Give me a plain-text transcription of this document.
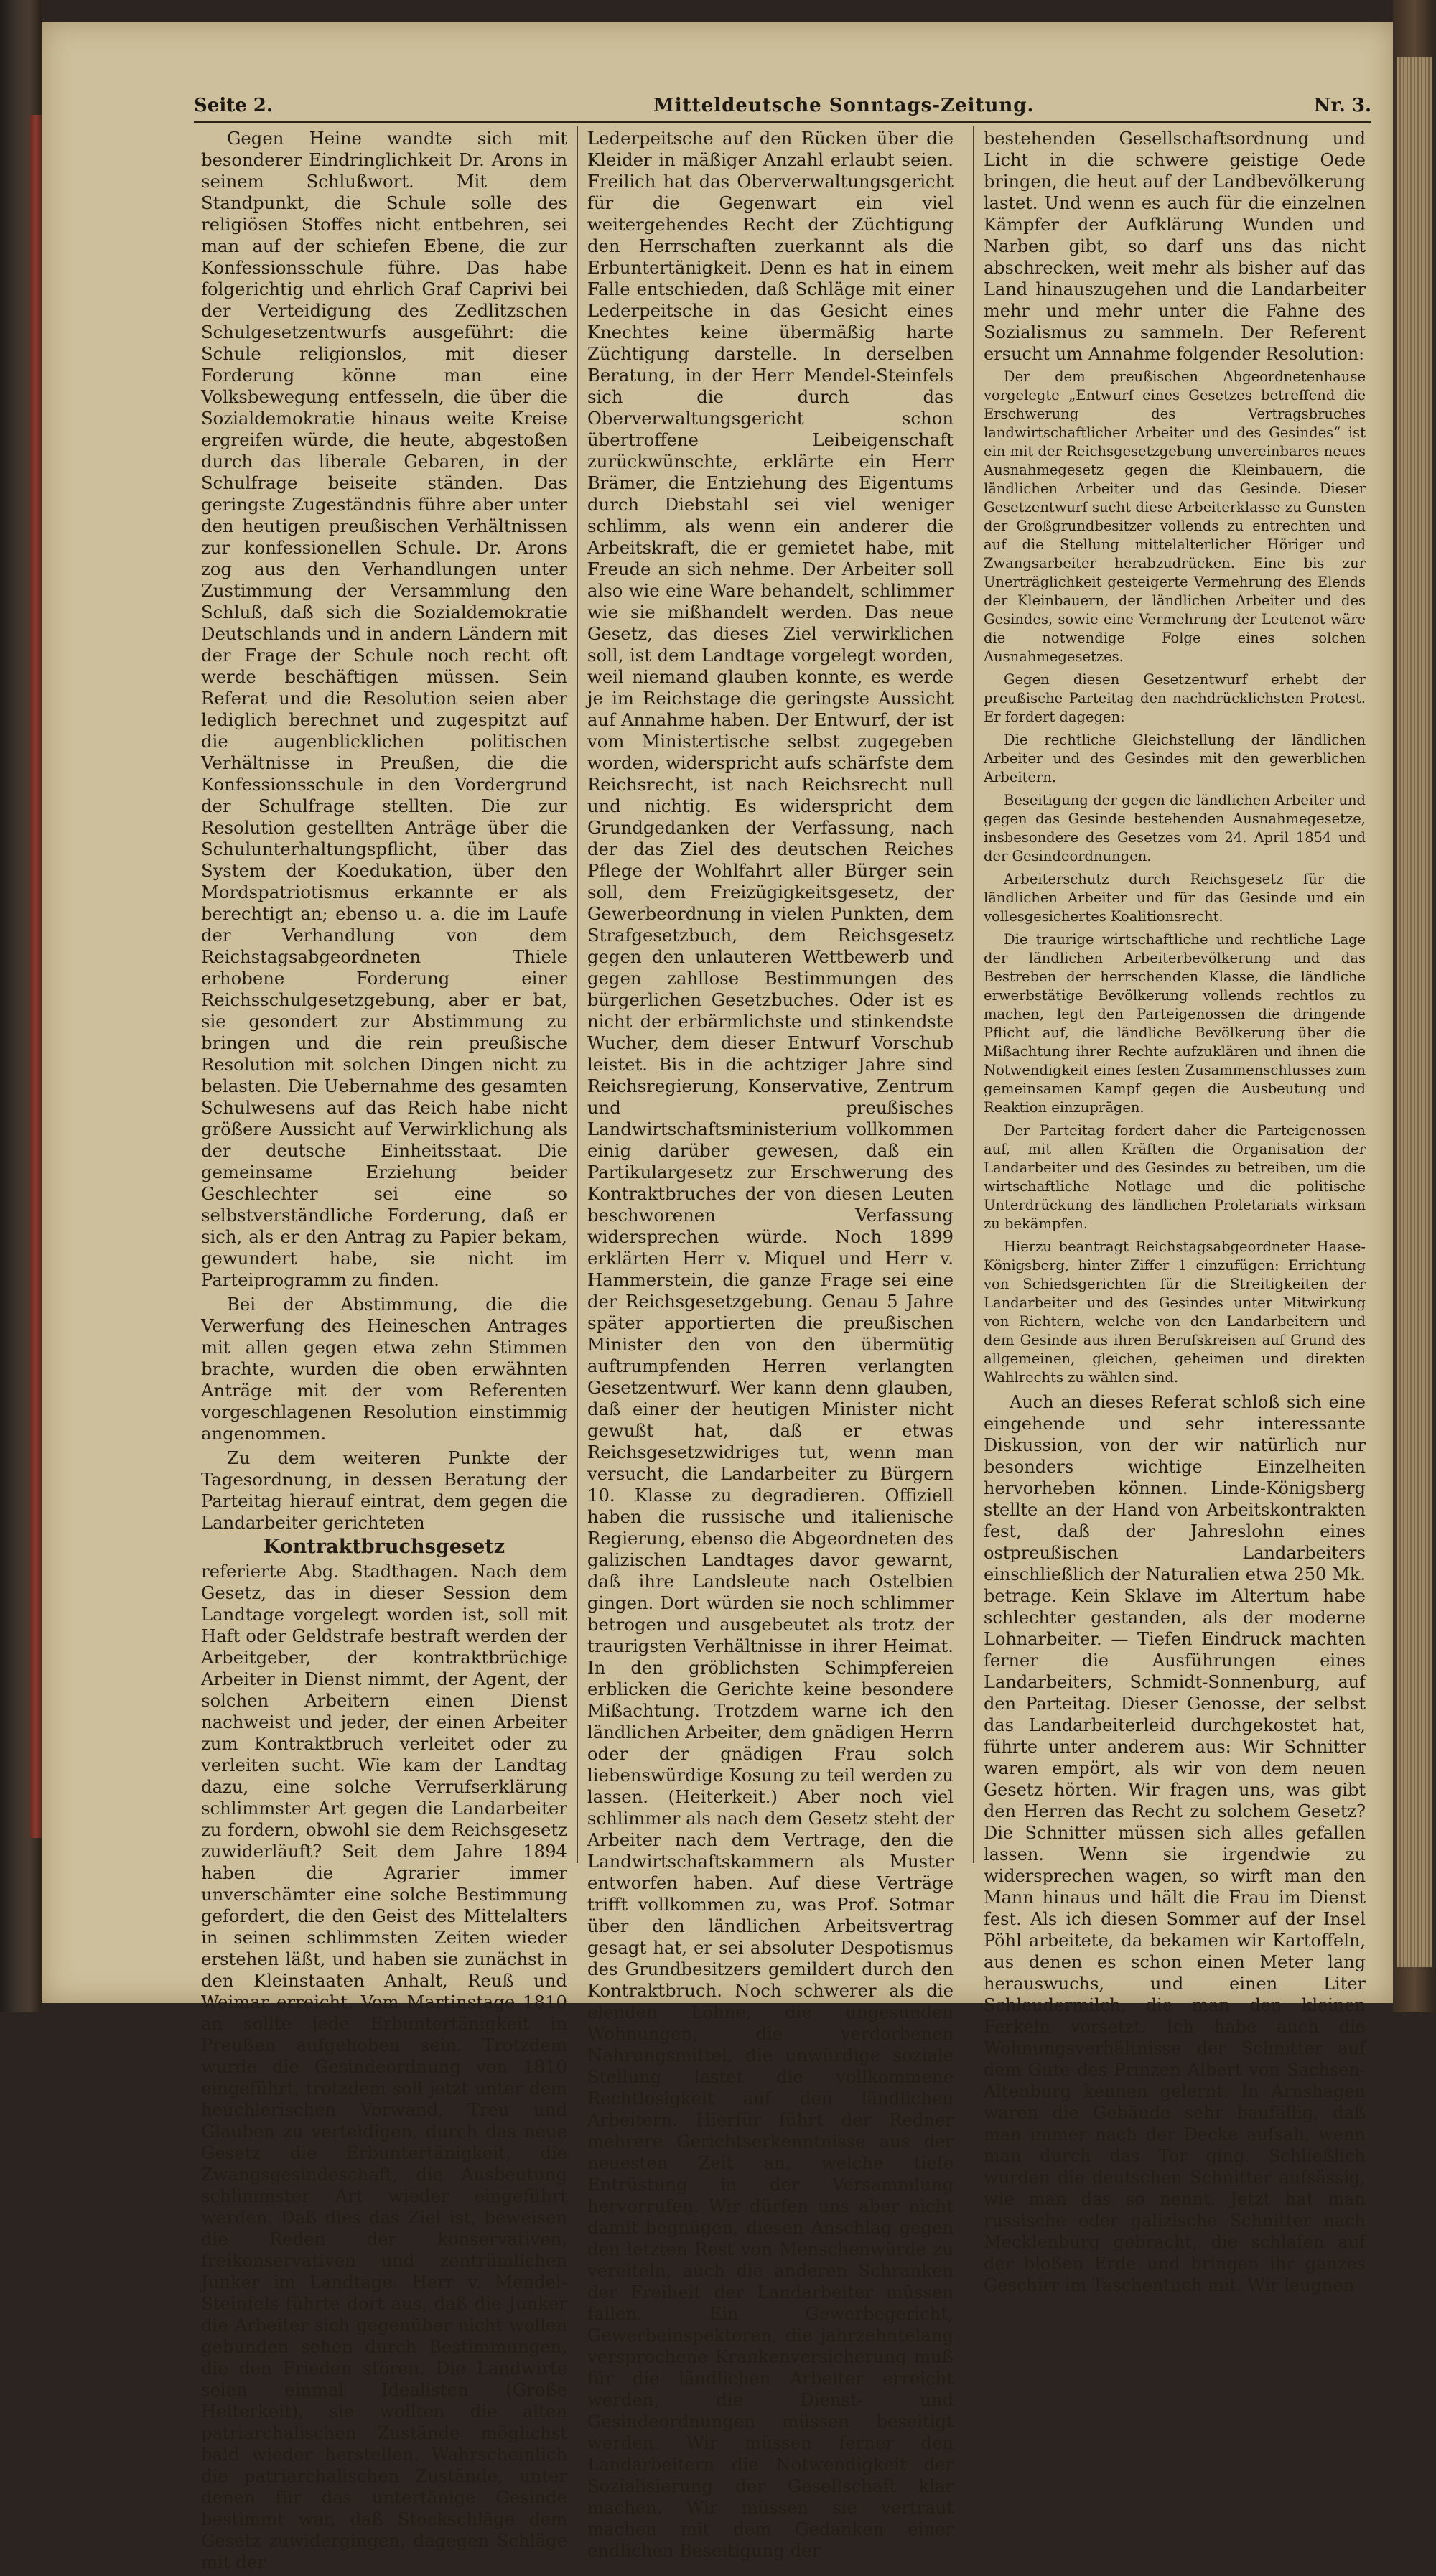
Seite 2.	Mitteldeutsche Sonntags-Zeitung.	Nr. 3.

Gegen Heine wandte sich mit besonderer Eindringlichkeit Dr. Arons in seinem Schlußwort. Mit dem Standpunkt, die Schule solle des religiösen Stoffes nicht entbehren, sei man auf der schiefen Ebene, die zur Konfessionsschule führe. Das habe folgerichtig und ehrlich Graf Caprivi bei der Verteidigung des Zedlitzschen Schulgesetzentwurfs ausgeführt: die Schule religionslos, mit dieser Forderung könne man eine Volksbewegung entfesseln, die über die Sozialdemokratie hinaus weite Kreise ergreifen würde, die heute, abgestoßen durch das liberale Gebaren, in der Schulfrage beiseite ständen. Das geringste Zugeständnis führe aber unter den heutigen preußischen Verhältnissen zur konfessionellen Schule. Dr. Arons zog aus den Verhandlungen unter Zustimmung der Versammlung den Schluß, daß sich die Sozialdemokratie Deutschlands und in andern Ländern mit der Frage der Schule noch recht oft werde beschäftigen müssen. Sein Referat und die Resolution seien aber lediglich berechnet und zugespitzt auf die augenblicklichen politischen Verhältnisse in Preußen, die die Konfessionsschule in den Vordergrund der Schulfrage stellten. Die zur Resolution gestellten Anträge über die Schulunterhaltungspflicht, über das System der Koedukation, über den Mordspatriotismus erkannte er als berechtigt an; ebenso u. a. die im Laufe der Verhandlung von dem Reichstagsabgeordneten Thiele erhobene Forderung einer Reichsschulgesetzgebung, aber er bat, sie gesondert zur Abstimmung zu bringen und die rein preußische Resolution mit solchen Dingen nicht zu belasten. Die Uebernahme des gesamten Schulwesens auf das Reich habe nicht größere Aussicht auf Verwirklichung als der deutsche Einheitsstaat. Die gemeinsame Erziehung beider Geschlechter sei eine so selbstverständliche Forderung, daß er sich, als er den Antrag zu Papier bekam, gewundert habe, sie nicht im Parteiprogramm zu finden.

Bei der Abstimmung, die die Verwerfung des Heineschen Antrages mit allen gegen etwa zehn Stimmen brachte, wurden die oben erwähnten Anträge mit der vom Referenten vorgeschlagenen Resolution einstimmig angenommen.

Zu dem weiteren Punkte der Tagesordnung, in dessen Beratung der Parteitag hierauf eintrat, dem gegen die Landarbeiter gerichteten

Kontraktbruchsgesetz

referierte Abg. Stadthagen. Nach dem Gesetz, das in dieser Session dem Landtage vorgelegt worden ist, soll mit Haft oder Geldstrafe bestraft werden der Arbeitgeber, der kontraktbrüchige Arbeiter in Dienst nimmt, der Agent, der solchen Arbeitern einen Dienst nachweist und jeder, der einen Arbeiter zum Kontraktbruch verleitet oder zu verleiten sucht. Wie kam der Landtag dazu, eine solche Verrufserklärung schlimmster Art gegen die Landarbeiter zu fordern, obwohl sie dem Reichsgesetz zuwiderläuft? Seit dem Jahre 1894 haben die Agrarier immer unverschämter eine solche Bestimmung gefordert, die den Geist des Mittelalters in seinen schlimmsten Zeiten wieder erstehen läßt, und haben sie zunächst in den Kleinstaaten Anhalt, Reuß und Weimar erreicht. Vom Martinstage 1810 an sollte jede Erbuntertänigkeit in Preußen aufgehoben sein. Trotzdem wurde die Gesindeordnung von 1810 eingeführt, trotzdem soll jetzt unter dem heuchlerischen Vorwand, Treu und Glauben zu verteidigen, durch das neue Gesetz die Erbuntertänigkeit, die Zwangsgesindeschaft, die Ausbeutung schlimmster Art wieder eingeführt werden. Daß dies das Ziel ist, beweisen die Reden der konservativen, freikonservativen und zentrümlichen Junker im Landtage. Herr v. Mendel-Steinfels führte dort aus, daß die Junker die Arbeiter sich gegenüber nicht wollen gebunden sehen durch Bestimmungen, die den Frieden stören. Die Landwirte seien einmal Idealisten (Große Heiterkeit), sie wollten die alten patriarchalischen Zustände möglichst bald wieder herstellen. Wahrscheinlich die patriarchalischen Zustände, unter denen für das untertänige Gesinde bestimmt war, daß Stockschläge dem Gesetz zuwidergingen, dagegen Schläge mit der

Lederpeitsche auf den Rücken über die Kleider in mäßiger Anzahl erlaubt seien. Freilich hat das Oberverwaltungsgericht für die Gegenwart ein viel weitergehendes Recht der Züchtigung den Herrschaften zuerkannt als die Erbuntertänigkeit. Denn es hat in einem Falle entschieden, daß Schläge mit einer Lederpeitsche in das Gesicht eines Knechtes keine übermäßig harte Züchtigung darstelle. In derselben Beratung, in der Herr Mendel-Steinfels sich die durch das Oberverwaltungsgericht schon übertroffene Leibeigenschaft zurückwünschte, erklärte ein Herr Brämer, die Entziehung des Eigentums durch Diebstahl sei viel weniger schlimm, als wenn ein anderer die Arbeitskraft, die er gemietet habe, mit Freude an sich nehme. Der Arbeiter soll also wie eine Ware behandelt, schlimmer wie sie mißhandelt werden. Das neue Gesetz, das dieses Ziel verwirklichen soll, ist dem Landtage vorgelegt worden, weil niemand glauben konnte, es werde je im Reichstage die geringste Aussicht auf Annahme haben. Der Entwurf, der ist vom Ministertische selbst zugegeben worden, widerspricht aufs schärfste dem Reichsrecht, ist nach Reichsrecht null und nichtig. Es widerspricht dem Grundgedanken der Verfassung, nach der das Ziel des deutschen Reiches Pflege der Wohlfahrt aller Bürger sein soll, dem Freizügigkeitsgesetz, der Gewerbeordnung in vielen Punkten, dem Strafgesetzbuch, dem Reichsgesetz gegen den unlauteren Wettbewerb und gegen zahllose Bestimmungen des bürgerlichen Gesetzbuches. Oder ist es nicht der erbärmlichste und stinkendste Wucher, dem dieser Entwurf Vorschub leistet. Bis in die achtziger Jahre sind Reichsregierung, Konservative, Zentrum und preußisches Landwirtschaftsministerium vollkommen einig darüber gewesen, daß ein Partikulargesetz zur Erschwerung des Kontraktbruches der von diesen Leuten beschworenen Verfassung widersprechen würde. Noch 1899 erklärten Herr v. Miquel und Herr v. Hammerstein, die ganze Frage sei eine der Reichsgesetzgebung. Genau 5 Jahre später apportierten die preußischen Minister den von den übermütig auftrumpfenden Herren verlangten Gesetzentwurf. Wer kann denn glauben, daß einer der heutigen Minister nicht gewußt hat, daß er etwas Reichsgesetzwidriges tut, wenn man versucht, die Landarbeiter zu Bürgern 10. Klasse zu degradieren. Offiziell haben die russische und italienische Regierung, ebenso die Abgeordneten des galizischen Landtages davor gewarnt, daß ihre Landsleute nach Ostelbien gingen. Dort würden sie noch schlimmer betrogen und ausgebeutet als trotz der traurigsten Verhältnisse in ihrer Heimat. In den gröblichsten Schimpfereien erblicken die Gerichte keine besondere Mißachtung. Trotzdem warne ich den ländlichen Arbeiter, dem gnädigen Herrn oder der gnädigen Frau solch liebenswürdige Kosung zu teil werden zu lassen. (Heiterkeit.) Aber noch viel schlimmer als nach dem Gesetz steht der Arbeiter nach dem Vertrage, den die Landwirtschaftskammern als Muster entworfen haben. Auf diese Verträge trifft vollkommen zu, was Prof. Sotmar über den ländlichen Arbeitsvertrag gesagt hat, er sei absoluter Despotismus des Grundbesitzers gemildert durch den Kontraktbruch. Noch schwerer als die elenden Löhne, die ungesunden Wohnungen, die verdorbenen Nahrungsmittel, die unwürdige soziale Stellung lastet die vollkommene Rechtlosigkeit auf den ländlichen Arbeitern. Hierfür führt der Redner mehrere Gerichtserkenntnisse aus der neuesten Zeit an, welche tiefe Entrüstung in der Versammlung hervorrufen. Wir dürfen uns aber nicht damit begnügen, diesen Anschlag gegen den letzten Rest von Menschenwürde zu vereiteln, auch die anderen Schranken der Freiheit der Landarbeiter müssen fallen. Ein Gewerbegericht, Gewerbeinspektoren, die jahrzehntelang versprochene Krankenversicherung muß für die ländlichen Arbeiter erreicht werden, die Dienst- und Gesindeordnungen müssen beseitigt werden. Wir müssen ferner den Landarbeitern die Notwendigkeit der Sozialisierung der Gesellschaft klar machen. Wir müssen sie vertraut machen mit dem Gedanken einer endlichen Beseitigung der

bestehenden Gesellschaftsordnung und Licht in die schwere geistige Oede bringen, die heut auf der Landbevölkerung lastet. Und wenn es auch für die einzelnen Kämpfer der Aufklärung Wunden und Narben gibt, so darf uns das nicht abschrecken, weit mehr als bisher auf das Land hinauszugehen und die Landarbeiter mehr und mehr unter die Fahne des Sozialismus zu sammeln. Der Referent ersucht um Annahme folgender Resolution:

Der dem preußischen Abgeordnetenhause vorgelegte „Entwurf eines Gesetzes betreffend die Erschwerung des Vertragsbruches landwirtschaftlicher Arbeiter und des Gesindes“ ist ein mit der Reichsgesetzgebung unvereinbares neues Ausnahmegesetz gegen die Kleinbauern, die ländlichen Arbeiter und das Gesinde. Dieser Gesetzentwurf sucht diese Arbeiterklasse zu Gunsten der Großgrundbesitzer vollends zu entrechten und auf die Stellung mittelalterlicher Höriger und Zwangsarbeiter herabzudrücken. Eine bis zur Unerträglichkeit gesteigerte Vermehrung des Elends der Kleinbauern, der ländlichen Arbeiter und des Gesindes, sowie eine Vermehrung der Leutenot wäre die notwendige Folge eines solchen Ausnahmegesetzes.

Gegen diesen Gesetzentwurf erhebt der preußische Parteitag den nachdrücklichsten Protest. Er fordert dagegen:

Die rechtliche Gleichstellung der ländlichen Arbeiter und des Gesindes mit den gewerblichen Arbeitern.

Beseitigung der gegen die ländlichen Arbeiter und gegen das Gesinde bestehenden Ausnahmegesetze, insbesondere des Gesetzes vom 24. April 1854 und der Gesindeordnungen.

Arbeiterschutz durch Reichsgesetz für die ländlichen Arbeiter und für das Gesinde und ein vollesgesichertes Koalitionsrecht.

Die traurige wirtschaftliche und rechtliche Lage der ländlichen Arbeiterbevölkerung und das Bestreben der herrschenden Klasse, die ländliche erwerbstätige Bevölkerung vollends rechtlos zu machen, legt den Parteigenossen die dringende Pflicht auf, die ländliche Bevölkerung über die Mißachtung ihrer Rechte aufzuklären und ihnen die Notwendigkeit eines festen Zusammenschlusses zum gemeinsamen Kampf gegen die Ausbeutung und Reaktion einzuprägen.

Der Parteitag fordert daher die Parteigenossen auf, mit allen Kräften die Organisation der Landarbeiter und des Gesindes zu betreiben, um die wirtschaftliche Notlage und die politische Unterdrückung des ländlichen Proletariats wirksam zu bekämpfen.

Hierzu beantragt Reichstagsabgeordneter Haase-Königsberg, hinter Ziffer 1 einzufügen: Errichtung von Schiedsgerichten für die Streitigkeiten der Landarbeiter und des Gesindes unter Mitwirkung von Richtern, welche von den Landarbeitern und dem Gesinde aus ihren Berufskreisen auf Grund des allgemeinen, gleichen, geheimen und direkten Wahlrechts zu wählen sind.

Auch an dieses Referat schloß sich eine eingehende und sehr interessante Diskussion, von der wir natürlich nur besonders wichtige Einzelheiten hervorheben können. Linde-Königsberg stellte an der Hand von Arbeitskontrakten fest, daß der Jahreslohn eines ostpreußischen Landarbeiters einschließlich der Naturalien etwa 250 Mk. betrage. Kein Sklave im Altertum habe schlechter gestanden, als der moderne Lohnarbeiter. — Tiefen Eindruck machten ferner die Ausführungen eines Landarbeiters, Schmidt-Sonnenburg, auf den Parteitag. Dieser Genosse, der selbst das Landarbeiterleid durchgekostet hat, führte unter anderem aus: Wir Schnitter waren empört, als wir von dem neuen Gesetz hörten. Wir fragen uns, was gibt den Herren das Recht zu solchem Gesetz? Die Schnitter müssen sich alles gefallen lassen. Wenn sie irgendwie zu widersprechen wagen, so wirft man den Mann hinaus und hält die Frau im Dienst fest. Als ich diesen Sommer auf der Insel Pöhl arbeitete, da bekamen wir Kartoffeln, aus denen es schon einen Meter lang herauswuchs, und einen Liter Schleudermilch, die man den kleinen Ferkeln vorsetzt. Ich habe auch die Wohnungsverhältnisse der Schnitter auf dem Gute des Prinzen Albert von Sachsen-Altenburg kennen gelernt. In Arnshagen waren die Gebäude sehr baufällig, daß man immer nach der Decke aufsah, wenn man durch das Tor ging. Schließlich wurden die deutschen Schnitter aufsässig, wie man das so nennt. Jetzt hat man russische oder galizische Schnitter nach Mecklenburg gebracht, die schlafen auf der bloßen Erde und bringen ihr ganzes Geschirr im Taschentuch mit. Wir leugnen
